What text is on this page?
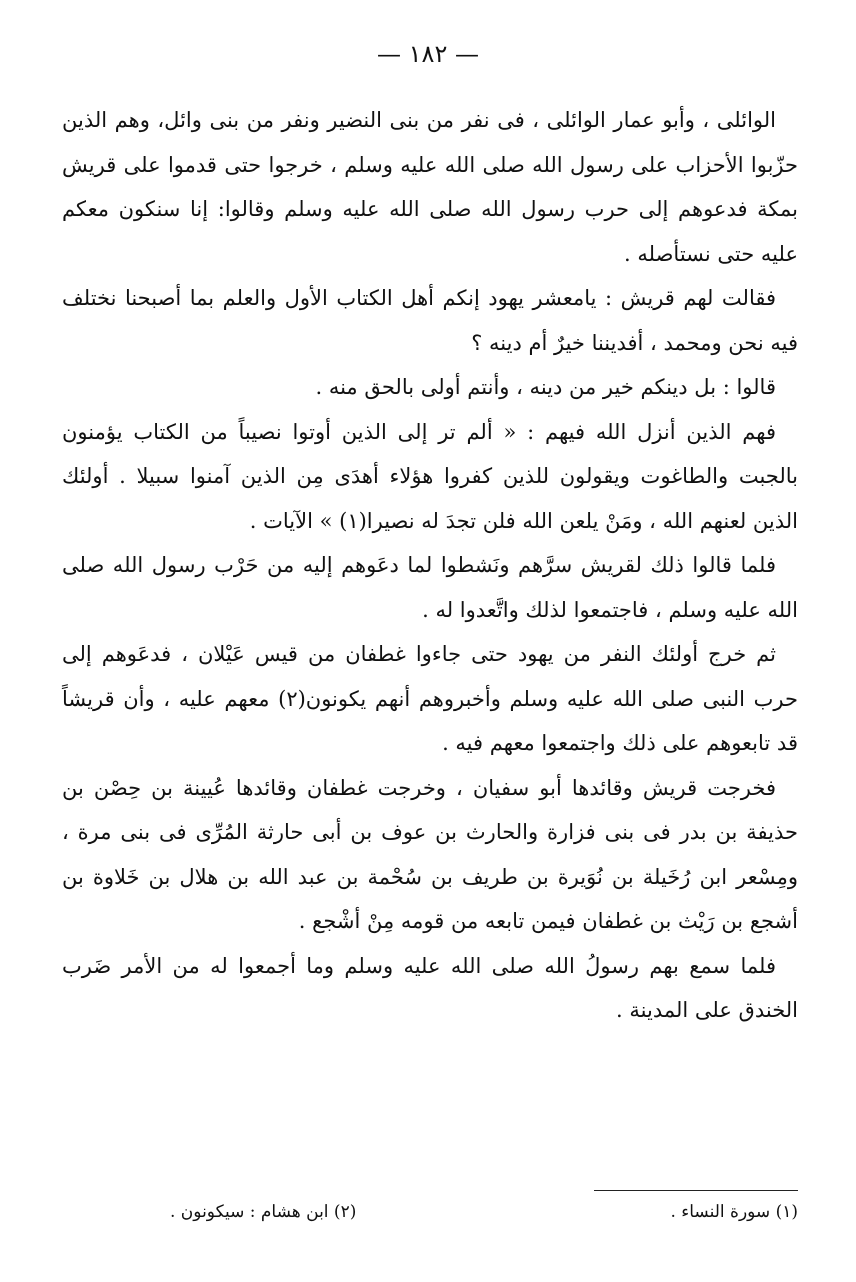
— ١٨٢ —

الوائلى ، وأبو عمار الوائلى ، فى نفر من بنى النضير ونفر من بنى وائل، وهم الذين حزّبوا الأحزاب على رسول الله صلى الله عليه وسلم ، خرجوا حتى قدموا على قريش بمكة فدعوهم إلى حرب رسول الله صلى الله عليه وسلم وقالوا: إنا سنكون معكم عليه حتى نستأصله .

فقالت لهم قريش : يامعشر يهود إنكم أهل الكتاب الأول والعلم بما أصبحنا نختلف فيه نحن ومحمد ، أفديننا خيرٌ أم دينه ؟

قالوا : بل دينكم خير من دينه ، وأنتم أولى بالحق منه .

فهم الذين أنزل الله فيهم : « ألم تر إلى الذين أوتوا نصيباً من الكتاب يؤمنون بالجبت والطاغوت ويقولون للذين كفروا هؤلاء أهدَى مِن الذين آمنوا سبيلا . أولئك الذين لعنهم الله ، ومَنْ يلعن الله فلن تجدَ له نصيرا(١) » الآيات .

فلما قالوا ذلك لقريش سرَّهم ونَشطوا لما دعَوهم إليه من حَرْب رسول الله صلى الله عليه وسلم ، فاجتمعوا لذلك واتَّعدوا له .

ثم خرج أولئك النفر من يهود حتى جاءوا غطفان من قيس عَيْلان ، فدعَوهم إلى حرب النبى صلى الله عليه وسلم وأخبروهم أنهم يكونون(٢) معهم عليه ، وأن قريشاً قد تابعوهم على ذلك واجتمعوا معهم فيه .

فخرجت قريش وقائدها أبو سفيان ، وخرجت غطفان وقائدها عُيينة بن حِصْن بن حذيفة بن بدر فى بنى فزارة والحارث بن عوف بن أبى حارثة المُرِّى فى بنى مرة ، ومِسْعر ابن رُخَيلة بن نُوَيرة بن طريف بن سُحْمة بن عبد الله بن هلال بن خَلاوة بن أشجع بن رَيْث بن غطفان فيمن تابعه من قومه مِنْ أشْجع .

فلما سمع بهم رسولُ الله صلى الله عليه وسلم وما أجمعوا له من الأمر ضَرب الخندق على المدينة .

(١) سورة النساء .
(٢) ابن هشام : سيكونون .
